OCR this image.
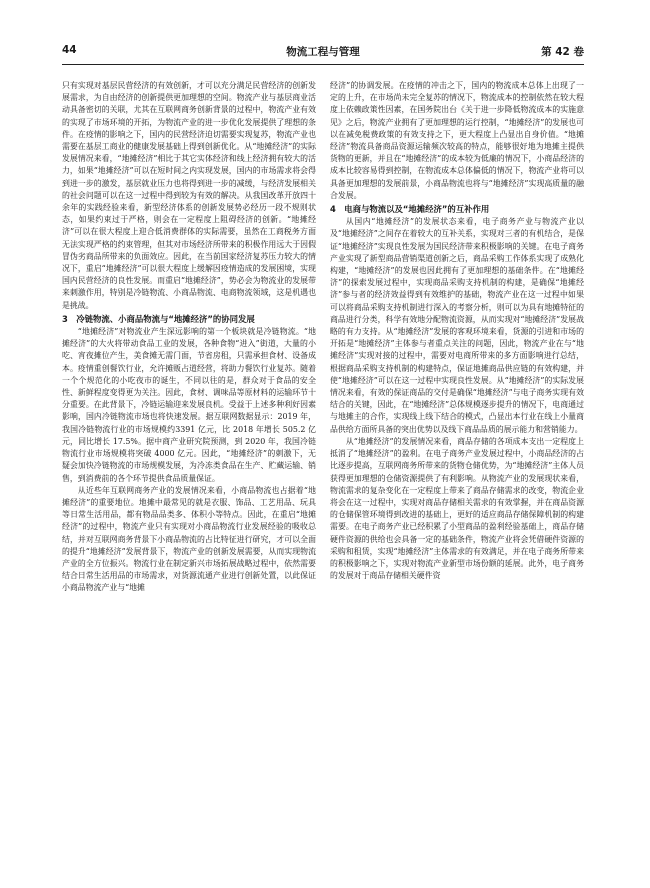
44	物流工程与管理	第 42 卷

只有实现对基层民营经济的有效创新，才可以充分满足民营经济的创新发展需求，为自由经济的创新提供更加理想的空间。物流产业与基层商业活动具备密切的关联，尤其在互联网商务创新背景的过程中，物流产业有效的实现了市场环境的开拓，为物流产业的进一步优化发展提供了理想的条件。在疫情的影响之下，国内的民营经济迫切需要实现复苏，物流产业也需要在基层工商业的健康发展基础上得到创新优化。从“地摊经济”的实际发展情况来看，“地摊经济”相比于其它实体经济和线上经济拥有较大的活力，如果“地摊经济”可以在短时间之内实现发展，国内的市场需求将会得到进一步的激发，基层就业压力也将得到进一步的减缓，与经济发展相关的社会问题可以在这一过程中得到较为有效的解决。从我国改革开放四十余年的实践经验来看，新型经济体系的创新发展势必经历一段不规则状态，如果约束过于严格，则会在一定程度上阻碍经济的创新。“地摊经济”可以在很大程度上迎合低消费群体的实际需要，虽然在工商税务方面无法实现严格的约束管理，但其对市场经济所带来的积极作用远大于因假冒伪劣商品所带来的负面效应。因此，在当前国家经济复苏压力较大的情况下，重启“地摊经济”可以很大程度上缓解因疫情造成的发展困境，实现国内民营经济的良性发展。而重启“地摊经济”，势必会为物流业的发展带来刺激作用，特别是冷链物流、小商品物流、电商物流领域，这是机遇也是挑战。

3　冷链物流、小商品物流与“地摊经济”的协同发展

“地摊经济”对物流业产生深远影响的第一个板块就是冷链物流。“地摊经济”的大火将带动食品工业的发展，各种食物“进入”街道，大量的小吃、宵夜摊位产生，美食摊无需门面，节省房租，只需承担食材、设备成本。疫情重创餐饮行业，允许摊贩占道经营，将助力餐饮行业复苏。随着一个个规范化的小吃夜市的诞生，不同以往的是，群众对于食品的安全性、新鲜程度变得更为关注。因此，食材、调味品等原材料的运输环节十分重要。在此背景下，冷链运输迎来发展良机。受益于上述多种利好因素影响，国内冷链物流市场也将快速发展。据互联网数据显示：2019 年，我国冷链物流行业的市场规模约3391 亿元，比 2018 年增长 505.2 亿元，同比增长 17.5%。据中商产业研究院预测，到 2020 年，我国冷链物流行业市场规模将突破 4000 亿元。因此，“地摊经济”的刺激下，无疑会加快冷链物流的市场规模发展，为冷冻类食品在生产、贮藏运输、销售，到消费前的各个环节提供食品质量保证。

从近些年互联网商务产业的发展情况来看，小商品物流也占据着“地摊经济”的重要地位。地摊中最常见的就是衣服、饰品、工艺用品、玩具等日常生活用品，都有物品品类多、体积小等特点。因此，在重启“地摊经济”的过程中，物流产业只有实现对小商品物流行业发展经验的吸收总结，并对互联网商务背景下小商品物流的占比特征进行研究，才可以全面的提升“地摊经济”发展背景下，物流产业的创新发展需要，从而实现物流产业的全方位振兴。物流行业在制定新兴市场拓展战略过程中，依然需要结合日常生活用品的市场需求，对货源流通产业进行创新处置，以此保证小商品物流产业与“地摊

经济”的协调发展。在疫情的冲击之下，国内的物流成本总体上出现了一定的上升，在市场尚未完全复苏的情况下，物流成本的控制依然在较大程度上依赖政策性因素，在国务院出台《关于进一步降低物流成本的实施意见》之后，物流产业拥有了更加理想的运行控制，“地摊经济”的发展也可以在减免税费政策的有效支持之下，更大程度上凸显出自身价值。“地摊经济”物流具备商品资源运输频次较高的特点，能够很好地为地摊主提供货物的更新，并且在“地摊经济”的成本较为低廉的情况下，小商品经济的成本比较容易得到控制，在物流成本总体偏低的情况下，物流产业将可以具备更加理想的发展前景，小商品物流也将与“地摊经济”实现高质量的融合发展。

4　电商与物流以及“地摊经济”的互补作用

从国内“地摊经济”的发展状态来看，电子商务产业与物流产业以及“地摊经济”之间存在着较大的互补关系，实现对三者的有机结合，是保证“地摊经济”实现良性发展为国民经济带来积极影响的关键。在电子商务产业实现了新型商品营销渠道创新之后，商品采购工作体系实现了成熟化构建，“地摊经济”的发展也因此拥有了更加理想的基础条件。在“地摊经济”的探索发展过程中，实现商品采购支持机制的构建，是确保“地摊经济”参与者的经济效益得到有效维护的基础，物流产业在这一过程中如果可以将商品采购支持机制进行深入的考察分析，则可以为具有地摊特征的商品进行分类，科学有效地分配物流资源，从而实现对“地摊经济”发展战略的有力支持。从“地摊经济”发展的客观环境来看，货源的引进和市场的开拓是“地摊经济”主体参与者重点关注的问题，因此，物流产业在与“地摊经济”实现对接的过程中，需要对电商所带来的多方面影响进行总结，根据商品采购支持机制的构建特点，保证地摊商品供应链的有效构建，并使“地摊经济”可以在这一过程中实现良性发展。从“地摊经济”的实际发展情况来看，有效的保证商品的交付是确保“地摊经济”与电子商务实现有效结合的关键，因此，在“地摊经济”总体规模逐步提升的情况下，电商通过与地摊主的合作，实现线上线下结合的模式，凸显出本行业在线上小量商品供给方面所具备的突出优势以及线下商品品质的展示能力和营销能力。

从“地摊经济”的发展情况来看，商品存储的各项成本支出一定程度上抵消了“地摊经济”的盈利。在电子商务产业发展过程中，小商品经济的占比逐步提高，互联网商务所带来的货物仓储优势，为“地摊经济”主体人员获得更加理想的仓储资源提供了有利影响。从物流产业的发展现状来看，物流需求的复杂变化在一定程度上带来了商品存储需求的改变，物流企业将会在这一过程中，实现对商品存储相关需求的有效掌握，并在商品资源的仓储保管环境得到改进的基础上，更好的适应商品存储保障机制的构建需要。在电子商务产业已经积累了小型商品的盈利经验基础上，商品存储硬件资源的供给也会具备一定的基础条件，物流产业将会凭借硬件资源的采购和租赁，实现“地摊经济”主体需求的有效满足，并在电子商务所带来的积极影响之下，实现对物流产业新型市场份额的延展。此外，电子商务的发展对于商品存储相关硬件资
